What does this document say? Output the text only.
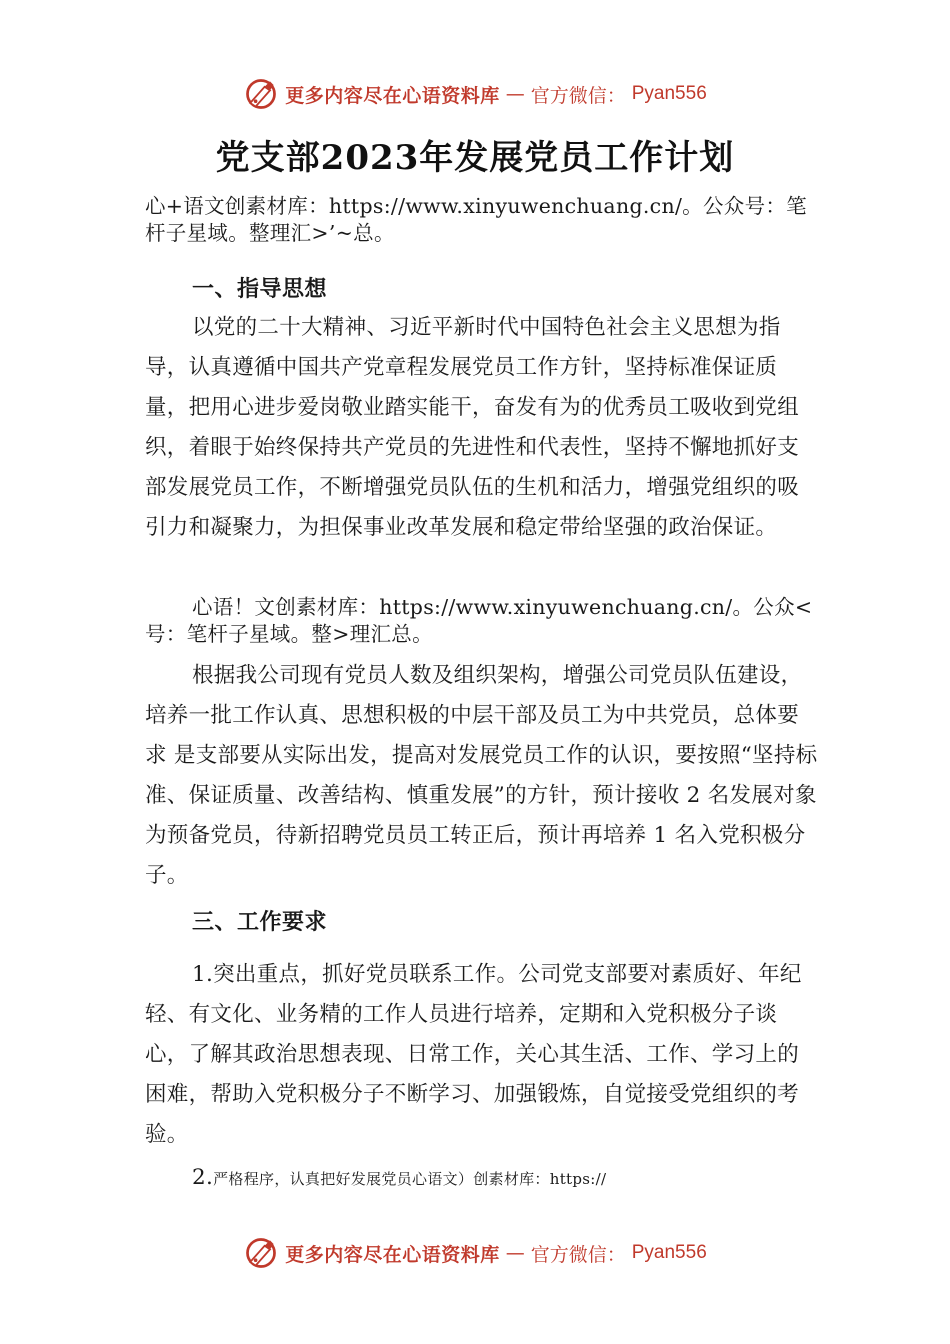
更多内容尽在心语资料库 — 官方微信： Pyan556
党支部2023年发展党员工作计划

心+语文创素材库：https://www.xinyuwenchuang.cn/。公众号：笔杆子星域。整理汇>’~总。

一、指导思想

以党的二十大精神、习近平新时代中国特色社会主义思想为指导，认真遵循中国共产党章程发展党员工作方针，坚持标准保证质量，把用心进步爱岗敬业踏实能干，奋发有为的优秀员工吸收到党组织，着眼于始终保持共产党员的先进性和代表性，坚持不懈地抓好支部发展党员工作，不断增强党员队伍的生机和活力，增强党组织的吸引力和凝聚力，为担保事业改革发展和稳定带给坚强的政治保证。

心语！文创素材库：https://www.xinyuwenchuang.cn/。公众<号：笔杆子星域。整>理汇总。

根据我公司现有党员人数及组织架构，增强公司党员队伍建设，培养一批工作认真、思想积极的中层干部及员工为中共党员，总体要求 是支部要从实际出发，提高对发展党员工作的认识，要按照“坚持标准、保证质量、改善结构、慎重发展”的方针，预计接收 2 名发展对象为预备党员，待新招聘党员员工转正后，预计再培养 1 名入党积极分子。

三、工作要求

1.突出重点，抓好党员联系工作。公司党支部要对素质好、年纪轻、有文化、业务精的工作人员进行培养，定期和入党积极分子谈心，了解其政治思想表现、日常工作，关心其生活、工作、学习上的困难，帮助入党积极分子不断学习、加强锻炼，自觉接受党组织的考验。

2.严格程序，认真把好发展党员心语文）创素材库：https://

更多内容尽在心语资料库 — 官方微信： Pyan556
